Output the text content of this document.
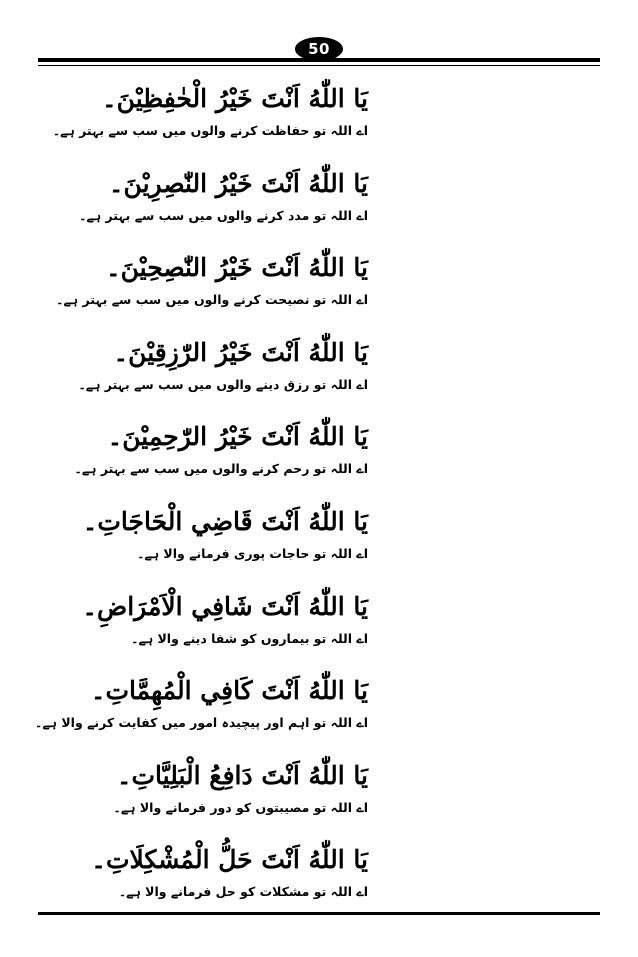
50
يَا اللّٰهُ اَنْتَ خَيْرُ الْحٰفِظِيْنَ۔
اے اللہ تو حفاظت کرنے والوں میں سب سے بہتر ہے۔
يَا اللّٰهُ اَنْتَ خَيْرُ النّٰصِرِيْنَ۔
اے اللہ تو مدد کرنے والوں میں سب سے بہتر ہے۔
يَا اللّٰهُ اَنْتَ خَيْرُ النّٰصِحِيْنَ۔
اے اللہ تو نصیحت کرنے والوں میں سب سے بہتر ہے۔
يَا اللّٰهُ اَنْتَ خَيْرُ الرّٰزِقِيْنَ۔
اے اللہ تو رزق دینے والوں میں سب سے بہتر ہے۔
يَا اللّٰهُ اَنْتَ خَيْرُ الرّٰحِمِيْنَ۔
اے اللہ تو رحم کرنے والوں میں سب سے بہتر ہے۔
يَا اللّٰهُ اَنْتَ قَاضِي الْحَاجَاتِ۔
اے اللہ تو حاجات پوری فرمانے والا ہے۔
يَا اللّٰهُ اَنْتَ شَافِي الْاَمْرَاضِ۔
اے اللہ تو بیماروں کو شفا دینے والا ہے۔
يَا اللّٰهُ اَنْتَ كَافِي الْمُهِمَّاتِ۔
اے اللہ تو اہم اور پیچیدہ امور میں کفایت کرنے والا ہے۔
يَا اللّٰهُ اَنْتَ دَافِعُ الْبَلِيَّاتِ۔
اے اللہ تو مصیبتوں کو دور فرمانے والا ہے۔
يَا اللّٰهُ اَنْتَ حَلُّ الْمُشْكِلَاتِ۔
اے اللہ تو مشکلات کو حل فرمانے والا ہے۔
